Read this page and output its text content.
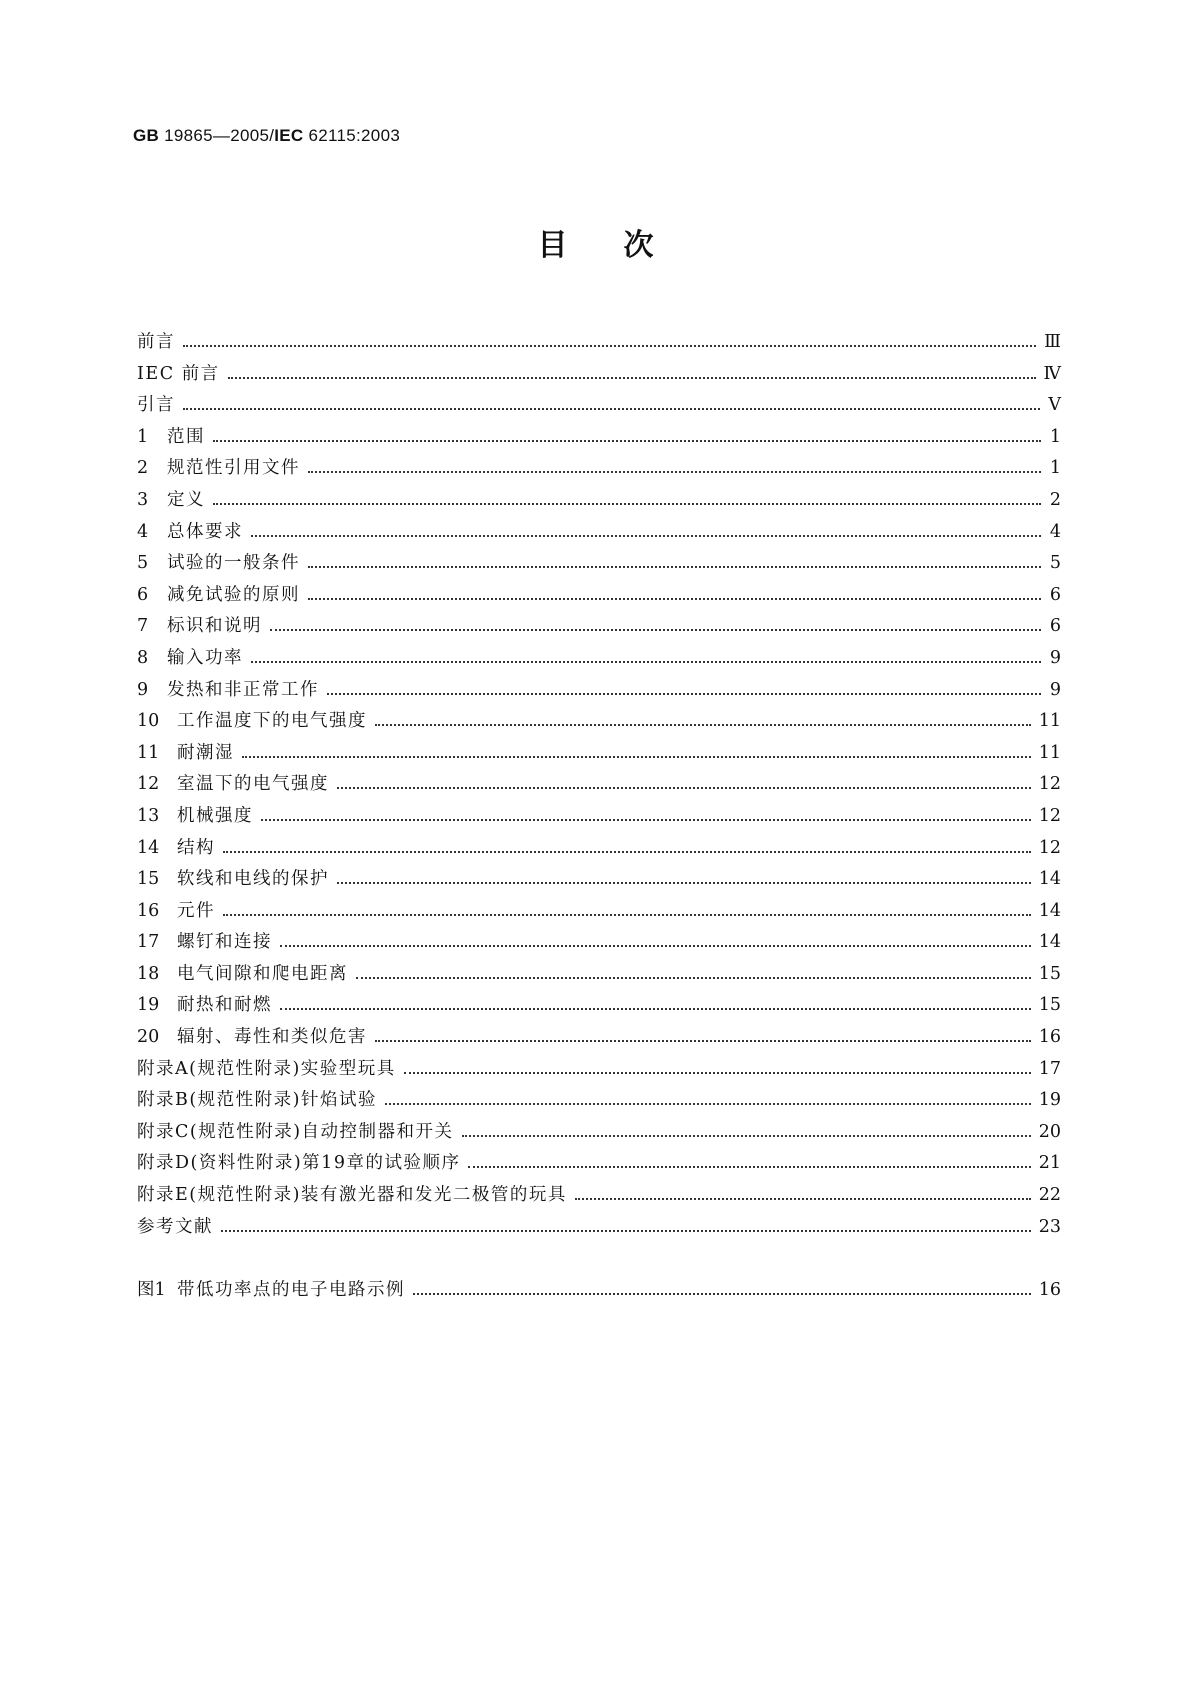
GB 19865—2005/IEC 62115:2003
目次
前言	Ⅲ
IEC 前言	Ⅳ
引言	Ⅴ
1	范围	1
2	规范性引用文件	1
3	定义	2
4	总体要求	4
5	试验的一般条件	5
6	减免试验的原则	6
7	标识和说明	6
8	输入功率	9
9	发热和非正常工作	9
10	工作温度下的电气强度	11
11	耐潮湿	11
12	室温下的电气强度	12
13	机械强度	12
14	结构	12
15	软线和电线的保护	14
16	元件	14
17	螺钉和连接	14
18	电气间隙和爬电距离	15
19	耐热和耐燃	15
20	辐射、毒性和类似危害	16
附录A(规范性附录)实验型玩具	17
附录B(规范性附录)针焰试验	19
附录C(规范性附录)自动控制器和开关	20
附录D(资料性附录)第19章的试验顺序	21
附录E(规范性附录)装有激光器和发光二极管的玩具	22
参考文献	23
图1 带低功率点的电子电路示例	16
